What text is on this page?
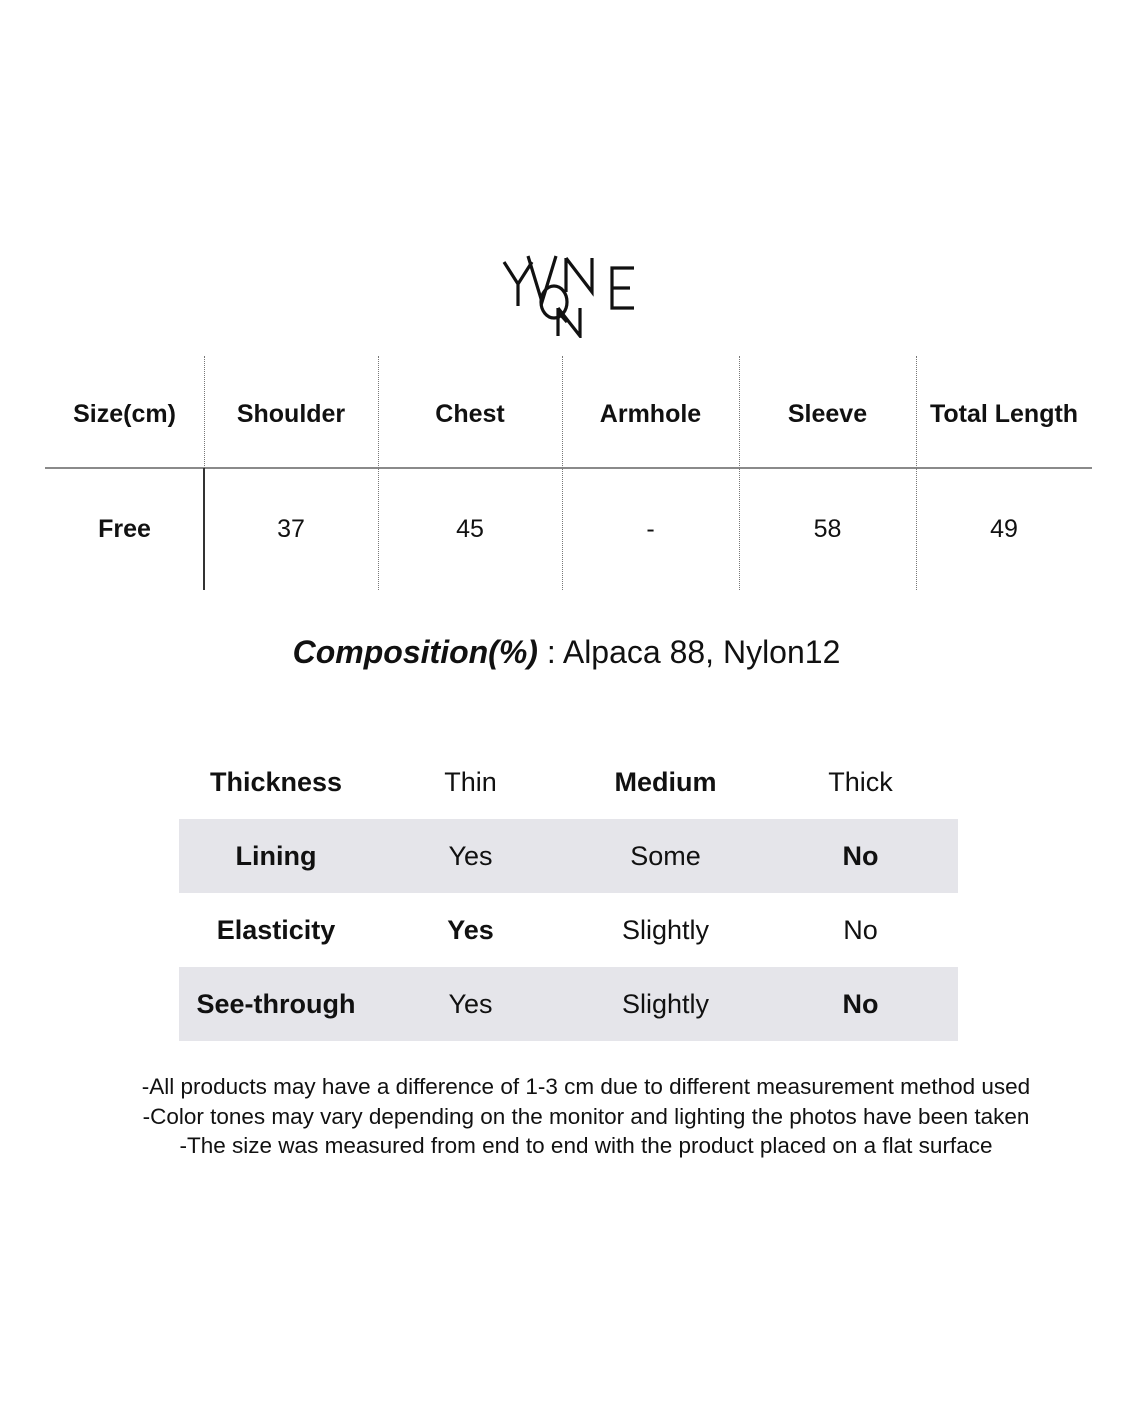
Size(cm)	Shoulder	Chest	Armhole	Sleeve	Total Length
Free	37	45	-	58	49
Composition(%) : Alpaca 88, Nylon12
Thickness	Thin	Medium	Thick
Lining	Yes	Some	No
Elasticity	Yes	Slightly	No
See-through	Yes	Slightly	No
-All products may have a difference of 1-3 cm due to different measurement method used
-Color tones may vary depending on the monitor and lighting the photos have been taken
-The size was measured from end to end with the product placed on a flat surface
